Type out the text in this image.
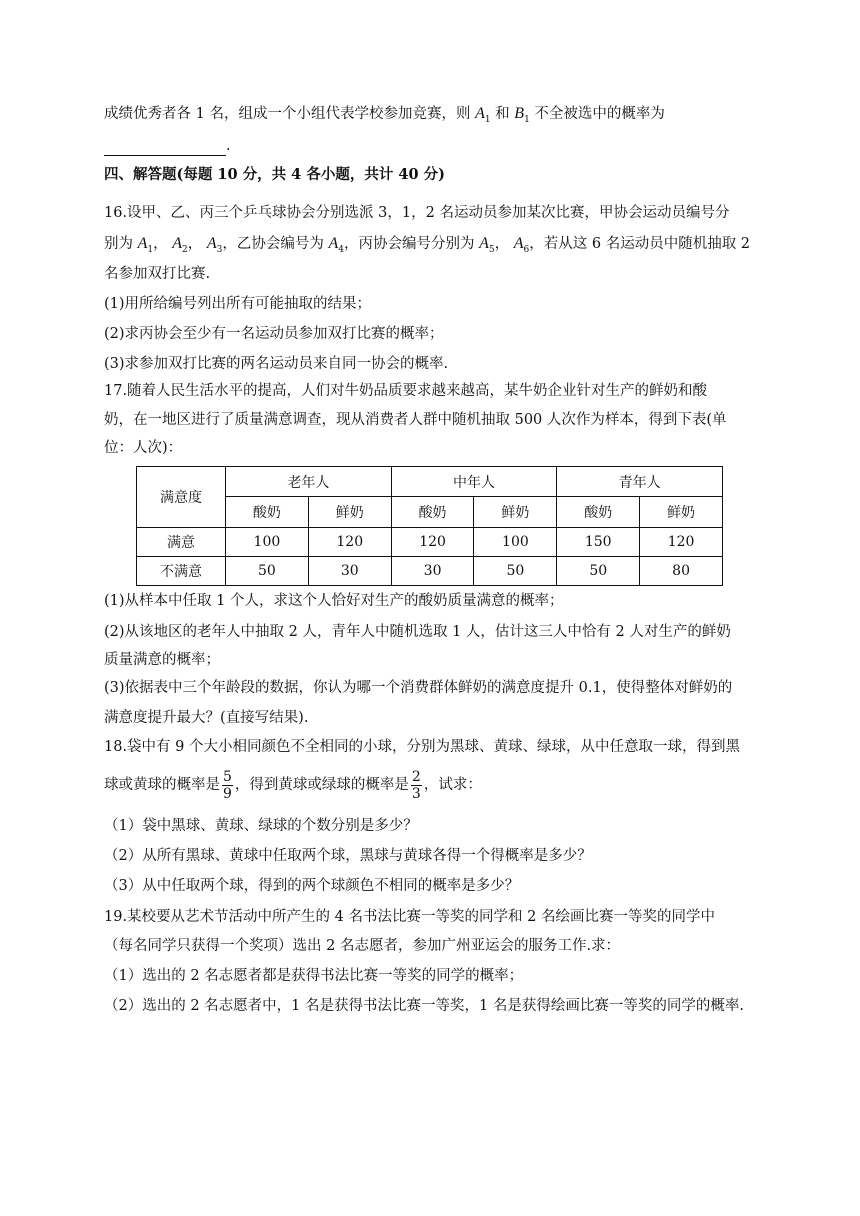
成绩优秀者各 1 名，组成一个小组代表学校参加竞赛，则 $A_1$ 和 $B_1$ 不全被选中的概率为
.
四、解答题(每题 10 分，共 4 各小题，共计 40 分)
16.设甲、乙、丙三个乒乓球协会分别选派 3，1，2 名运动员参加某次比赛，甲协会运动员编号分
别为 $A_1$， $A_2$， $A_3$，乙协会编号为 $A_4$，丙协会编号分别为 $A_5$， $A_6$，若从这 6 名运动员中随机抽取 2
名参加双打比赛.
(1)用所给编号列出所有可能抽取的结果；
(2)求丙协会至少有一名运动员参加双打比赛的概率；
(3)求参加双打比赛的两名运动员来自同一协会的概率.
17.随着人民生活水平的提高，人们对牛奶品质要求越来越高，某牛奶企业针对生产的鲜奶和酸
奶，在一地区进行了质量满意调查，现从消费者人群中随机抽取 500 人次作为样本，得到下表(单
位：人次)：
满意度	老年人		中年人		青年人	
	酸奶	鲜奶	酸奶	鲜奶	酸奶	鲜奶
满意	100	120	120	100	150	120
不满意	50	30	30	50	50	80
(1)从样本中任取 1 个人，求这个人恰好对生产的酸奶质量满意的概率；
(2)从该地区的老年人中抽取 2 人，青年人中随机选取 1 人，估计这三人中恰有 2 人对生产的鲜奶
质量满意的概率；
(3)依据表中三个年龄段的数据，你认为哪一个消费群体鲜奶的满意度提升 0.1，使得整体对鲜奶的
满意度提升最大？(直接写结果).
18.袋中有 9 个大小相同颜色不全相同的小球，分别为黑球、黄球、绿球，从中任意取一球，得到黑
球或黄球的概率是 $\frac{5}{9}$ ，得到黄球或绿球的概率是 $\frac{2}{3}$ ，试求：
（1）袋中黑球、黄球、绿球的个数分别是多少？
（2）从所有黑球、黄球中任取两个球，黑球与黄球各得一个得概率是多少？
（3）从中任取两个球，得到的两个球颜色不相同的概率是多少？
19.某校要从艺术节活动中所产生的 4 名书法比赛一等奖的同学和 2 名绘画比赛一等奖的同学中
（每名同学只获得一个奖项）选出 2 名志愿者，参加广州亚运会的服务工作.求：
（1）选出的 2 名志愿者都是获得书法比赛一等奖的同学的概率；
（2）选出的 2 名志愿者中，1 名是获得书法比赛一等奖，1 名是获得绘画比赛一等奖的同学的概率.
